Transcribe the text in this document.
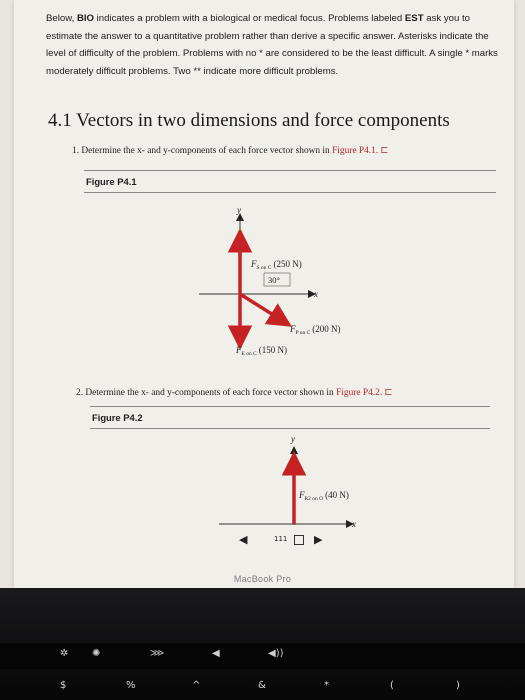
Below, BIO indicates a problem with a biological or medical focus. Problems labeled EST ask you to estimate the answer to a quantitative problem rather than derive a specific answer. Asterisks indicate the level of difficulty of the problem. Problems with no * are considered to be the least difficult. A single * marks moderately difficult problems. Two ** indicate more difficult problems.

4.1 Vectors in two dimensions and force components

1. Determine the x- and y-components of each force vector shown in Figure P4.1. ⊏

Figure P4.1

y
x
30°
$F_{S on C}$ (250 N)
$F_{P on C}$ (200 N)
$F_{E on C}$ (150 N)

2. Determine the x- and y-components of each force vector shown in Figure P4.2. ⊏

Figure P4.2

y
x
$F_{R2 on O}$ (40 N)
◀	111 ▶
MacBook Pro
✲ ✺	⋙	◀	◀))
$	%	^	&	*	(	)
